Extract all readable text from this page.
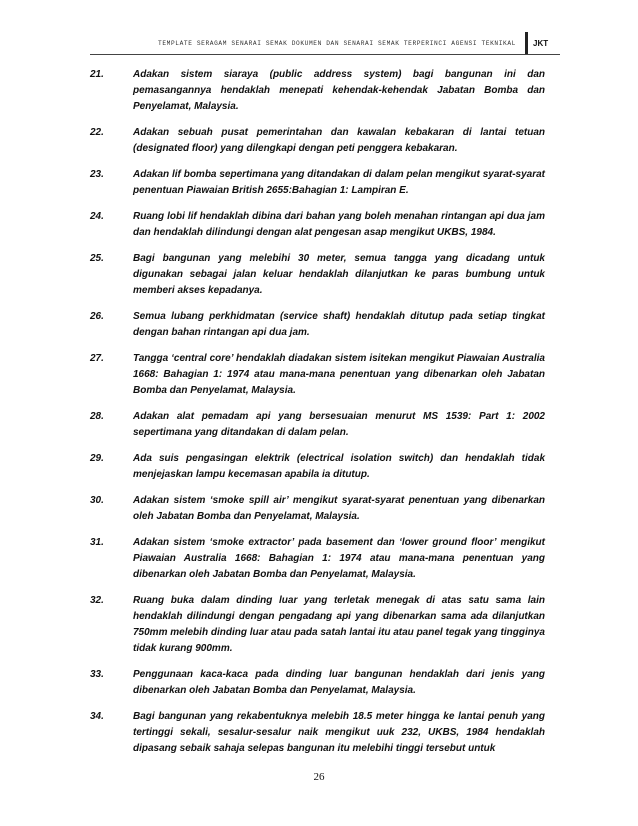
TEMPLATE SERAGAM SENARAI SEMAK DOKUMEN DAN SENARAI SEMAK TERPERINCI AGENSI TEKNIKAL JKT
21.	Adakan sistem siaraya (public address system) bagi bangunan ini dan pemasangannya hendaklah menepati kehendak-kehendak Jabatan Bomba dan Penyelamat, Malaysia.
22.	Adakan sebuah pusat pemerintahan dan kawalan kebakaran di lantai tetuan (designated floor) yang dilengkapi dengan peti penggera kebakaran.
23.	Adakan lif bomba sepertimana yang ditandakan di dalam pelan mengikut syarat-syarat penentuan Piawaian British 2655:Bahagian 1: Lampiran E.
24.	Ruang lobi lif hendaklah dibina dari bahan yang boleh menahan rintangan api dua jam dan hendaklah dilindungi dengan alat pengesan asap mengikut UKBS, 1984.
25.	Bagi bangunan yang melebihi 30 meter, semua tangga yang dicadang untuk digunakan sebagai jalan keluar hendaklah dilanjutkan ke paras bumbung untuk memberi akses kepadanya.
26.	Semua lubang perkhidmatan (service shaft) hendaklah ditutup pada setiap tingkat dengan bahan rintangan api dua jam.
27.	Tangga ‘central core’ hendaklah diadakan sistem isitekan mengikut Piawaian Australia 1668: Bahagian 1: 1974 atau mana-mana penentuan yang dibenarkan oleh Jabatan Bomba dan Penyelamat, Malaysia.
28.	Adakan alat pemadam api yang bersesuaian menurut MS 1539: Part 1: 2002 sepertimana yang ditandakan di dalam pelan.
29.	Ada suis pengasingan elektrik (electrical isolation switch) dan hendaklah tidak menjejaskan lampu kecemasan apabila ia ditutup.
30.	Adakan sistem ‘smoke spill air’ mengikut syarat-syarat penentuan yang dibenarkan oleh Jabatan Bomba dan Penyelamat, Malaysia.
31.	Adakan sistem ‘smoke extractor’ pada basement dan ‘lower ground floor’ mengikut Piawaian Australia 1668: Bahagian 1: 1974 atau mana-mana penentuan yang dibenarkan oleh Jabatan Bomba dan Penyelamat, Malaysia.
32.	Ruang buka dalam dinding luar yang terletak menegak di atas satu sama lain hendaklah dilindungi dengan pengadang api yang dibenarkan sama ada dilanjutkan 750mm melebih dinding luar atau pada satah lantai itu atau panel tegak yang tingginya tidak kurang 900mm.
33.	Penggunaan kaca-kaca pada dinding luar bangunan hendaklah dari jenis yang dibenarkan oleh Jabatan Bomba dan Penyelamat, Malaysia.
34.	Bagi bangunan yang rekabentuknya melebih 18.5 meter hingga ke lantai penuh yang tertinggi sekali, sesalur-sesalur naik mengikut uuk 232, UKBS, 1984 hendaklah dipasang sebaik sahaja selepas bangunan itu melebihi tinggi tersebut untuk
26
